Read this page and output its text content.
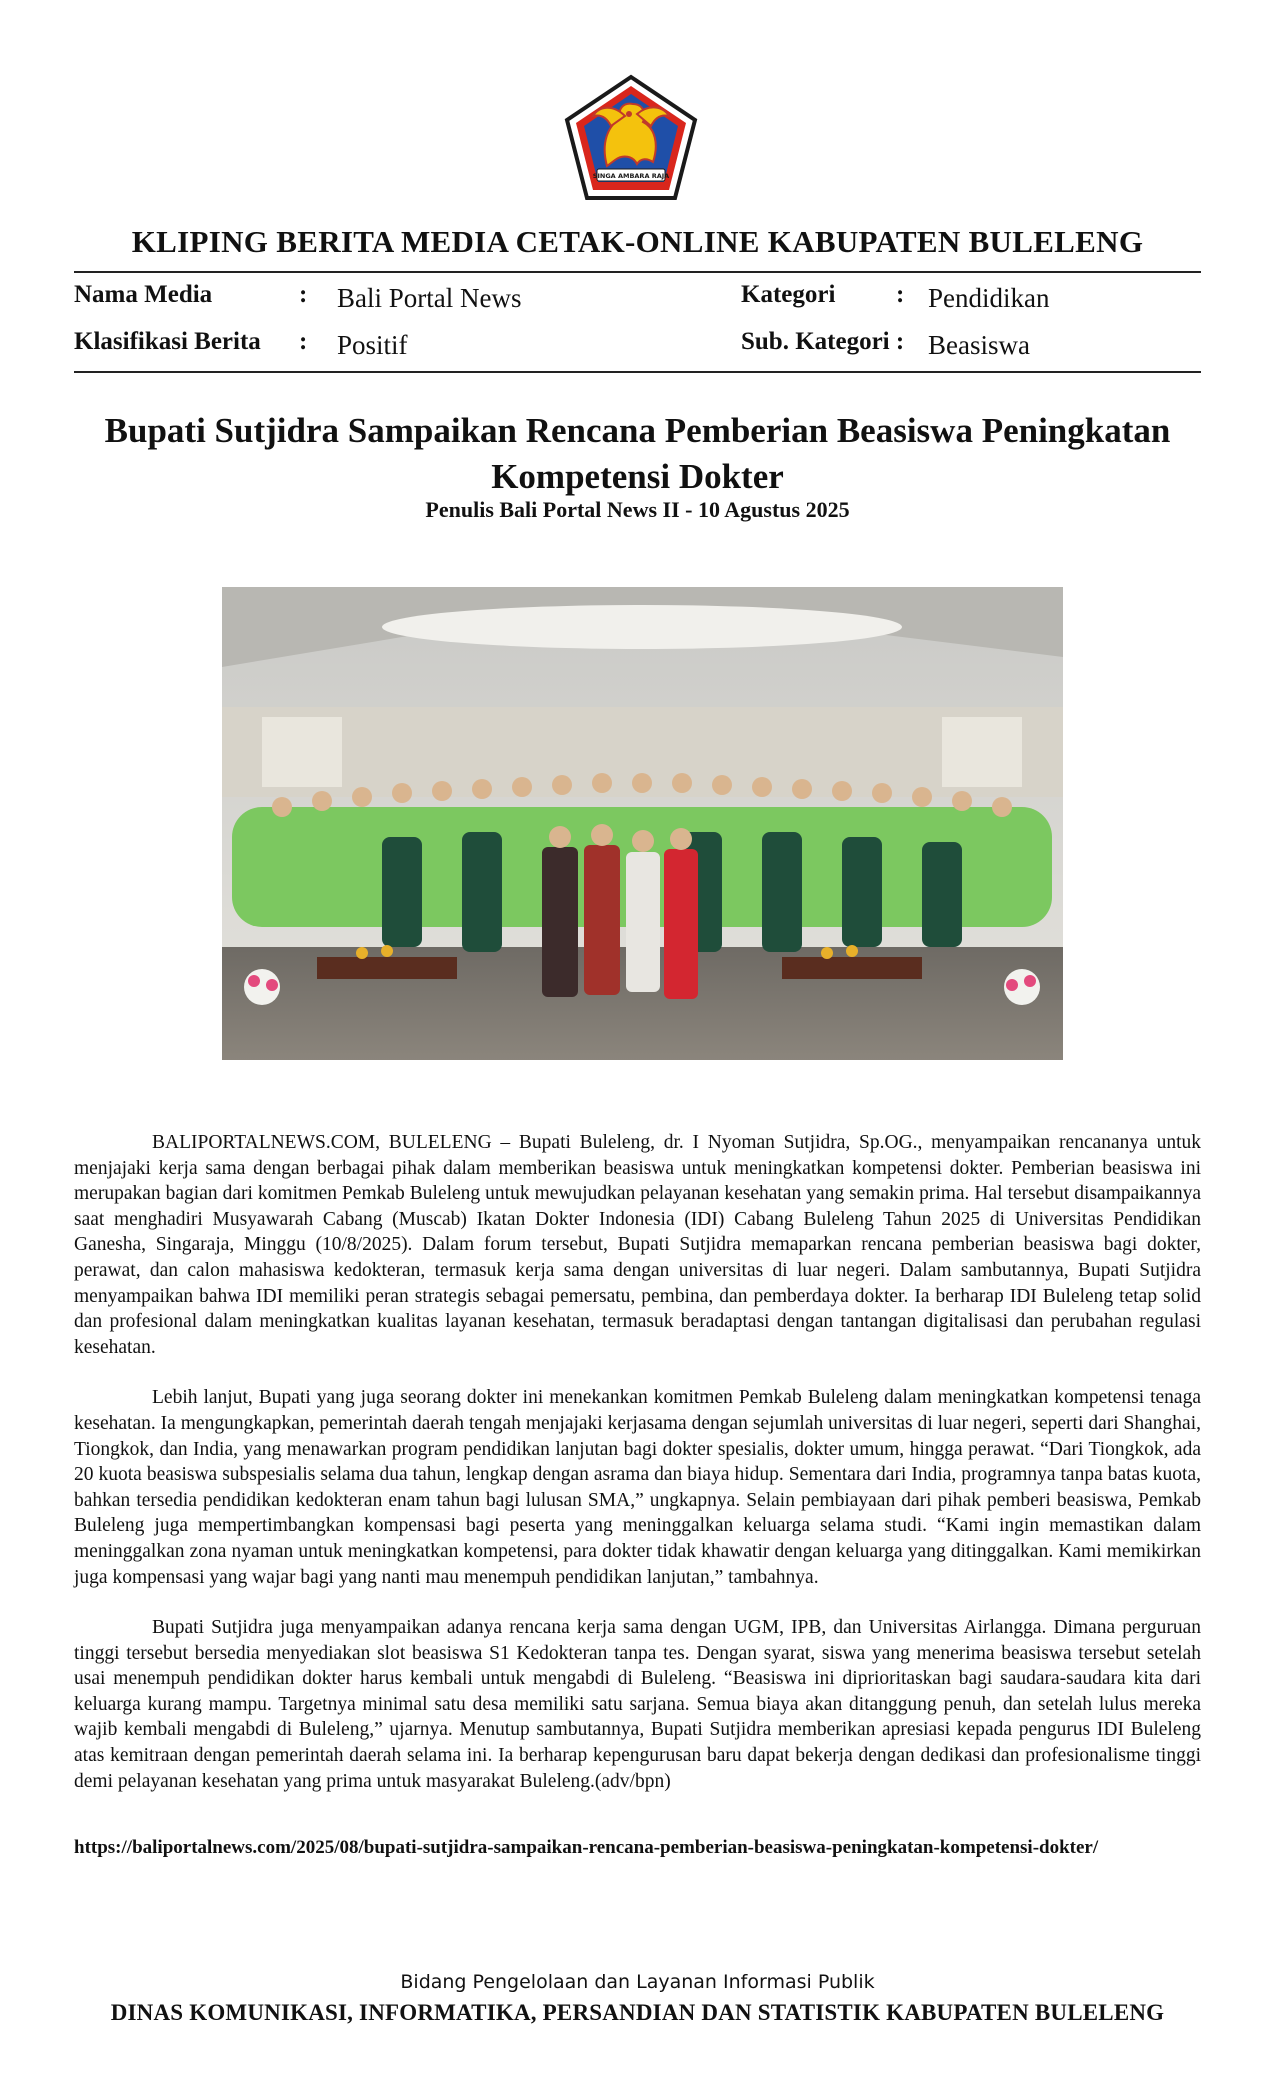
SINGA AMBARA RAJA
KLIPING BERITA MEDIA CETAK-ONLINE KABUPATEN BULELENG
Nama Media	: Bali Portal News	Kategori : Pendidikan
Klasifikasi Berita : Positif	Sub. Kategori : Beasiswa
Bupati Sutjidra Sampaikan Rencana Pemberian Beasiswa Peningkatan
Kompetensi Dokter
Penulis Bali Portal News II - 10 Agustus 2025

BALIPORTALNEWS.COM, BULELENG – Bupati Buleleng, dr. I Nyoman Sutjidra, Sp.OG., menyampaikan rencananya untuk menjajaki kerja sama dengan berbagai pihak dalam memberikan beasiswa untuk meningkatkan kompetensi dokter. Pemberian beasiswa ini merupakan bagian dari komitmen Pemkab Buleleng untuk mewujudkan pelayanan kesehatan yang semakin prima. Hal tersebut disampaikannya saat menghadiri Musyawarah Cabang (Muscab) Ikatan Dokter Indonesia (IDI) Cabang Buleleng Tahun 2025 di Universitas Pendidikan Ganesha, Singaraja, Minggu (10/8/2025). Dalam forum tersebut, Bupati Sutjidra memaparkan rencana pemberian beasiswa bagi dokter, perawat, dan calon mahasiswa kedokteran, termasuk kerja sama dengan universitas di luar negeri. Dalam sambutannya, Bupati Sutjidra menyampaikan bahwa IDI memiliki peran strategis sebagai pemersatu, pembina, dan pemberdaya dokter. Ia berharap IDI Buleleng tetap solid dan profesional dalam meningkatkan kualitas layanan kesehatan, termasuk beradaptasi dengan tantangan digitalisasi dan perubahan regulasi kesehatan.

Lebih lanjut, Bupati yang juga seorang dokter ini menekankan komitmen Pemkab Buleleng dalam meningkatkan kompetensi tenaga kesehatan. Ia mengungkapkan, pemerintah daerah tengah menjajaki kerjasama dengan sejumlah universitas di luar negeri, seperti dari Shanghai, Tiongkok, dan India, yang menawarkan program pendidikan lanjutan bagi dokter spesialis, dokter umum, hingga perawat. “Dari Tiongkok, ada 20 kuota beasiswa subspesialis selama dua tahun, lengkap dengan asrama dan biaya hidup. Sementara dari India, programnya tanpa batas kuota, bahkan tersedia pendidikan kedokteran enam tahun bagi lulusan SMA,” ungkapnya. Selain pembiayaan dari pihak pemberi beasiswa, Pemkab Buleleng juga mempertimbangkan kompensasi bagi peserta yang meninggalkan keluarga selama studi. “Kami ingin memastikan dalam meninggalkan zona nyaman untuk meningkatkan kompetensi, para dokter tidak khawatir dengan keluarga yang ditinggalkan. Kami memikirkan juga kompensasi yang wajar bagi yang nanti mau menempuh pendidikan lanjutan,” tambahnya.

Bupati Sutjidra juga menyampaikan adanya rencana kerja sama dengan UGM, IPB, dan Universitas Airlangga. Dimana perguruan tinggi tersebut bersedia menyediakan slot beasiswa S1 Kedokteran tanpa tes. Dengan syarat, siswa yang menerima beasiswa tersebut setelah usai menempuh pendidikan dokter harus kembali untuk mengabdi di Buleleng. “Beasiswa ini diprioritaskan bagi saudara-saudara kita dari keluarga kurang mampu. Targetnya minimal satu desa memiliki satu sarjana. Semua biaya akan ditanggung penuh, dan setelah lulus mereka wajib kembali mengabdi di Buleleng,” ujarnya. Menutup sambutannya, Bupati Sutjidra memberikan apresiasi kepada pengurus IDI Buleleng atas kemitraan dengan pemerintah daerah selama ini. Ia berharap kepengurusan baru dapat bekerja dengan dedikasi dan profesionalisme tinggi demi pelayanan kesehatan yang prima untuk masyarakat Buleleng.(adv/bpn)

https://baliportalnews.com/2025/08/bupati-sutjidra-sampaikan-rencana-pemberian-beasiswa-peningkatan-kompetensi-dokter/
Bidang Pengelolaan dan Layanan Informasi Publik
DINAS KOMUNIKASI, INFORMATIKA, PERSANDIAN DAN STATISTIK KABUPATEN BULELENG
